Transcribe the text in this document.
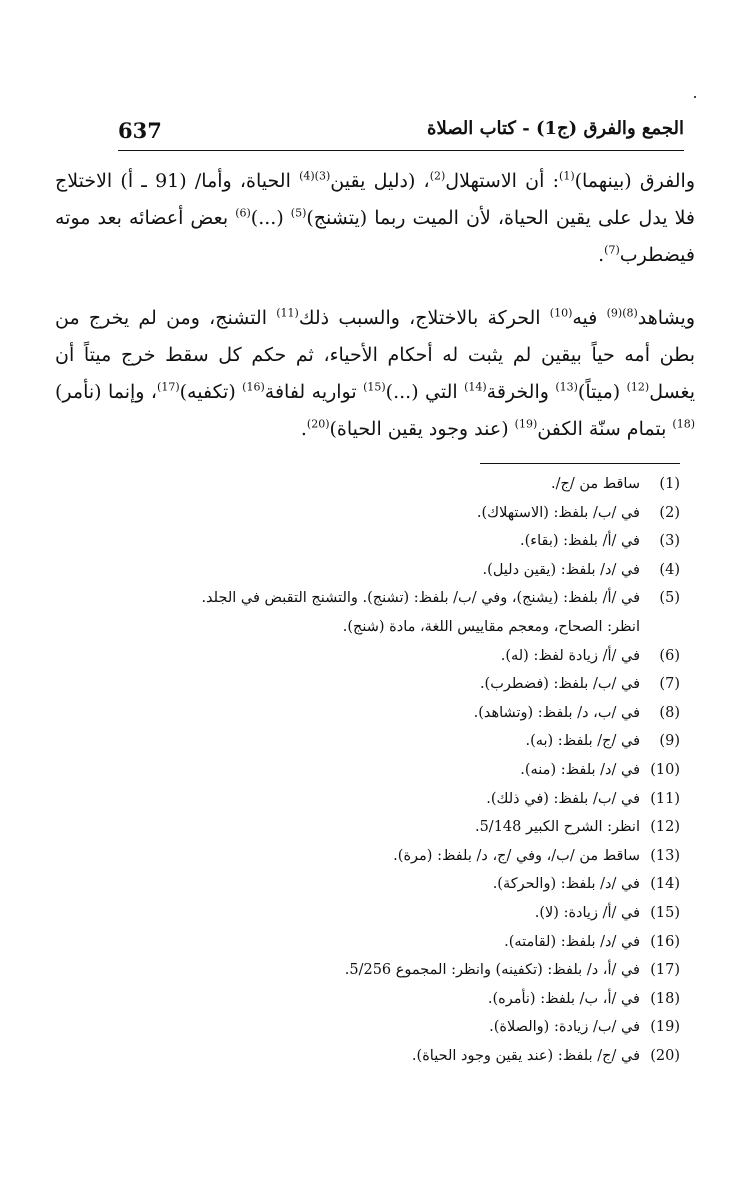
637	الجمع والفرق (ج1) - كتاب الصلاة

والفرق (بينهما)$^{(1)}$: أن الاستهلال$^{(2)}$، (دليل يقين$^{(3)(4)}$ الحياة، وأما/ (91 ـ أ) الاختلاج فلا يدل على يقين الحياة، لأن الميت ربما (يتشنج)$^{(5)}$ (...)$^{(6)}$ بعض أعضائه بعد موته فيضطرب$^{(7)}$.

ويشاهد$^{(8)(9)}$ فيه$^{(10)}$ الحركة بالاختلاج، والسبب ذلك$^{(11)}$ التشنج، ومن لم يخرج من بطن أمه حياً بيقين لم يثبت له أحكام الأحياء، ثم حكم كل سقط خرج ميتاً أن يغسل$^{(12)}$ (ميتاً)$^{(13)}$ والخرقة$^{(14)}$ التي (...)$^{(15)}$ تواريه لفافة$^{(16)}$ (تكفيه)$^{(17)}$، وإنما (نأمر)$^{(18)}$ بتمام سنّة الكفن$^{(19)}$ (عند وجود يقين الحياة)$^{(20)}$.

(1)ساقط من /ج/.
(2)في /ب/ بلفظ: (الاستهلاك).
(3)في /أ/ بلفظ: (بقاء).
(4)في /د/ بلفظ: (يقين دليل).
(5)في /أ/ بلفظ: (يشنج)، وفي /ب/ بلفظ: (تشنج). والتشنج التقبض في الجلد.
انظر: الصحاح، ومعجم مقاييس اللغة، مادة (شنج).
(6)في /أ/ زيادة لفظ: (له).
(7)في /ب/ بلفظ: (فضطرب).
(8)في /ب، د/ بلفظ: (وتشاهد).
(9)في /ج/ بلفظ: (به).
(10)في /د/ بلفظ: (منه).
(11)في /ب/ بلفظ: (في ذلك).
(12)انظر: الشرح الكبير 5/148.
(13)ساقط من /ب/، وفي /ج، د/ بلفظ: (مرة).
(14)في /د/ بلفظ: (والحركة).
(15)في /أ/ زيادة: (لا).
(16)في /د/ بلفظ: (لقامته).
(17)في /أ، د/ بلفظ: (تكفينه) وانظر: المجموع 5/256.
(18)في /أ، ب/ بلفظ: (نأمره).
(19)في /ب/ زيادة: (والصلاة).
(20)في /ج/ بلفظ: (عند يقين وجود الحياة).
